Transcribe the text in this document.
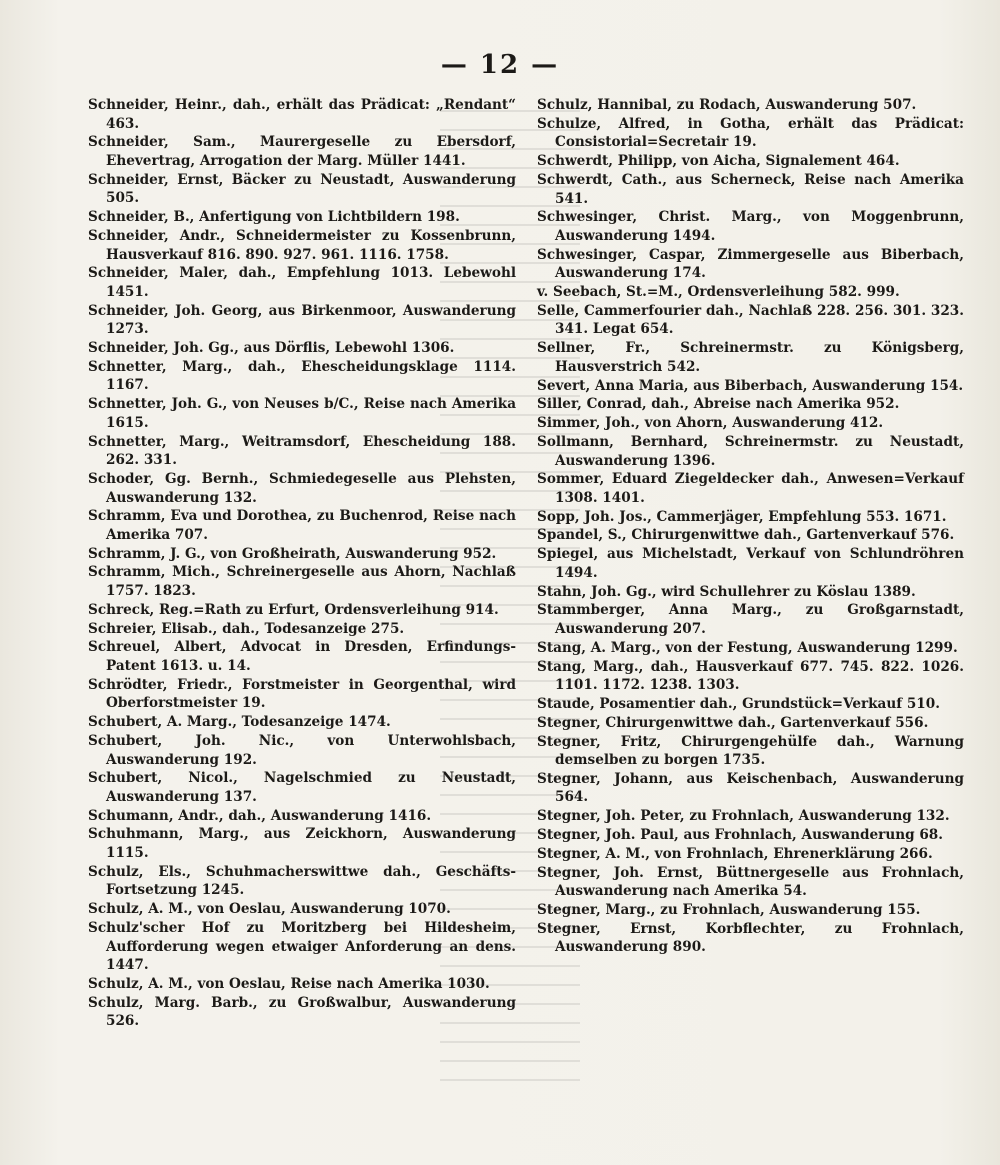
— 12 —
Schneider, Heinr., dah., erhält das Prädicat: „Rendant“ 463.
Schneider, Sam., Maurergeselle zu Ebersdorf, Ehevertrag, Arrogation der Marg. Müller 1441.
Schneider, Ernst, Bäcker zu Neustadt, Auswanderung 505.
Schneider, B., Anfertigung von Lichtbildern 198.
Schneider, Andr., Schneidermeister zu Kossenbrunn, Hausverkauf 816. 890. 927. 961. 1116. 1758.
Schneider, Maler, dah., Empfehlung 1013. Lebewohl 1451.
Schneider, Joh. Georg, aus Birkenmoor, Auswanderung 1273.
Schneider, Joh. Gg., aus Dörflis, Lebewohl 1306.
Schnetter, Marg., dah., Ehescheidungsklage 1114. 1167.
Schnetter, Joh. G., von Neuses b/C., Reise nach Amerika 1615.
Schnetter, Marg., Weitramsdorf, Ehescheidung 188. 262. 331.
Schoder, Gg. Bernh., Schmiedegeselle aus Plehsten, Auswanderung 132.
Schramm, Eva und Dorothea, zu Buchenrod, Reise nach Amerika 707.
Schramm, J. G., von Großheirath, Auswanderung 952.
Schramm, Mich., Schreinergeselle aus Ahorn, Nachlaß 1757. 1823.
Schreck, Reg.=Rath zu Erfurt, Ordensverleihung 914.
Schreier, Elisab., dah., Todesanzeige 275.
Schreuel, Albert, Advocat in Dresden, Erfindungs-Patent 1613. u. 14.
Schrödter, Friedr., Forstmeister in Georgenthal, wird Oberforstmeister 19.
Schubert, A. Marg., Todesanzeige 1474.
Schubert, Joh. Nic., von Unterwohlsbach, Auswanderung 192.
Schubert, Nicol., Nagelschmied zu Neustadt, Auswanderung 137.
Schumann, Andr., dah., Auswanderung 1416.
Schuhmann, Marg., aus Zeickhorn, Auswanderung 1115.
Schulz, Els., Schuhmacherswittwe dah., Geschäfts-Fortsetzung 1245.
Schulz, A. M., von Oeslau, Auswanderung 1070.
Schulz'scher Hof zu Moritzberg bei Hildesheim, Aufforderung wegen etwaiger Anforderung an dens. 1447.
Schulz, A. M., von Oeslau, Reise nach Amerika 1030.
Schulz, Marg. Barb., zu Großwalbur, Auswanderung 526.
Schulz, Hannibal, zu Rodach, Auswanderung 507.
Schulze, Alfred, in Gotha, erhält das Prädicat: Consistorial=Secretair 19.
Schwerdt, Philipp, von Aicha, Signalement 464.
Schwerdt, Cath., aus Scherneck, Reise nach Amerika 541.
Schwesinger, Christ. Marg., von Moggenbrunn, Auswanderung 1494.
Schwesinger, Caspar, Zimmergeselle aus Biberbach, Auswanderung 174.
v. Seebach, St.=M., Ordensverleihung 582. 999.
Selle, Cammerfourier dah., Nachlaß 228. 256. 301. 323. 341. Legat 654.
Sellner, Fr., Schreinermstr. zu Königsberg, Hausverstrich 542.
Severt, Anna Maria, aus Biberbach, Auswanderung 154.
Siller, Conrad, dah., Abreise nach Amerika 952.
Simmer, Joh., von Ahorn, Auswanderung 412.
Sollmann, Bernhard, Schreinermstr. zu Neustadt, Auswanderung 1396.
Sommer, Eduard Ziegeldecker dah., Anwesen=Verkauf 1308. 1401.
Sopp, Joh. Jos., Cammerjäger, Empfehlung 553. 1671.
Spandel, S., Chirurgenwittwe dah., Gartenverkauf 576.
Spiegel, aus Michelstadt, Verkauf von Schlundröhren 1494.
Stahn, Joh. Gg., wird Schullehrer zu Köslau 1389.
Stammberger, Anna Marg., zu Großgarnstadt, Auswanderung 207.
Stang, A. Marg., von der Festung, Auswanderung 1299.
Stang, Marg., dah., Hausverkauf 677. 745. 822. 1026. 1101. 1172. 1238. 1303.
Staude, Posamentier dah., Grundstück=Verkauf 510.
Stegner, Chirurgenwittwe dah., Gartenverkauf 556.
Stegner, Fritz, Chirurgengehülfe dah., Warnung demselben zu borgen 1735.
Stegner, Johann, aus Keischenbach, Auswanderung 564.
Stegner, Joh. Peter, zu Frohnlach, Auswanderung 132.
Stegner, Joh. Paul, aus Frohnlach, Auswanderung 68.
Stegner, A. M., von Frohnlach, Ehrenerklärung 266.
Stegner, Joh. Ernst, Büttnergeselle aus Frohnlach, Auswanderung nach Amerika 54.
Stegner, Marg., zu Frohnlach, Auswanderung 155.
Stegner, Ernst, Korbflechter, zu Frohnlach, Auswanderung 890.
